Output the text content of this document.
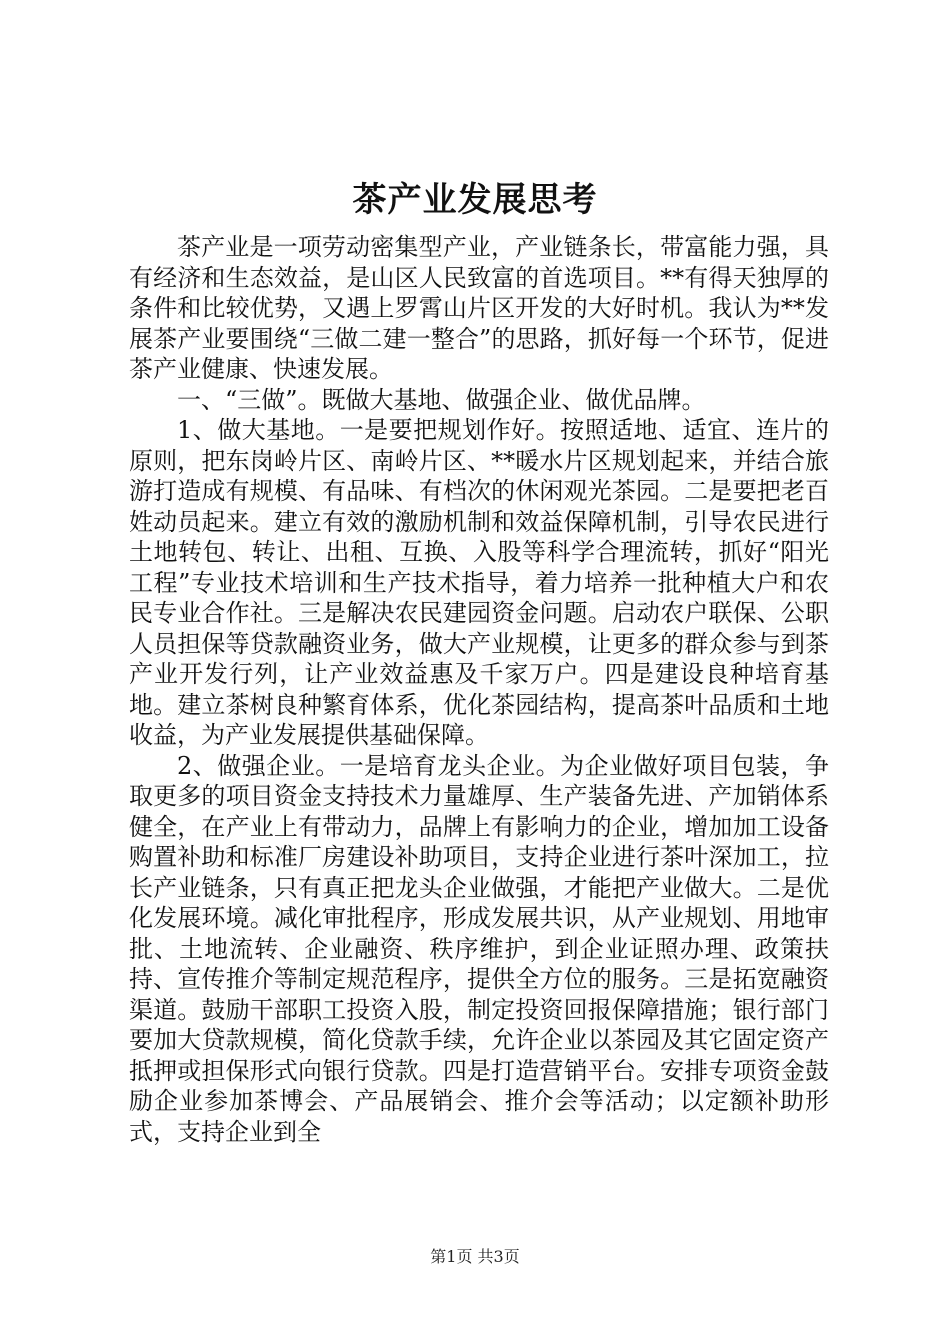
茶产业发展思考

茶产业是一项劳动密集型产业，产业链条长，带富能力强，具有经济和生态效益，是山区人民致富的首选项目。**有得天独厚的条件和比较优势，又遇上罗霄山片区开发的大好时机。我认为**发展茶产业要围绕“三做二建一整合”的思路，抓好每一个环节，促进茶产业健康、快速发展。

一、“三做”。既做大基地、做强企业、做优品牌。

1、做大基地。一是要把规划作好。按照适地、适宜、连片的原则，把东岗岭片区、南岭片区、**暖水片区规划起来，并结合旅游打造成有规模、有品味、有档次的休闲观光茶园。二是要把老百姓动员起来。建立有效的激励机制和效益保障机制，引导农民进行土地转包、转让、出租、互换、入股等科学合理流转，抓好“阳光工程”专业技术培训和生产技术指导，着力培养一批种植大户和农民专业合作社。三是解决农民建园资金问题。启动农户联保、公职人员担保等贷款融资业务，做大产业规模，让更多的群众参与到茶产业开发行列，让产业效益惠及千家万户。四是建设良种培育基地。建立茶树良种繁育体系，优化茶园结构，提高茶叶品质和土地收益，为产业发展提供基础保障。

2、做强企业。一是培育龙头企业。为企业做好项目包装，争取更多的项目资金支持技术力量雄厚、生产装备先进、产加销体系健全，在产业上有带动力，品牌上有影响力的企业，增加加工设备购置补助和标准厂房建设补助项目，支持企业进行茶叶深加工，拉长产业链条，只有真正把龙头企业做强，才能把产业做大。二是优化发展环境。减化审批程序，形成发展共识，从产业规划、用地审批、土地流转、企业融资、秩序维护，到企业证照办理、政策扶持、宣传推介等制定规范程序，提供全方位的服务。三是拓宽融资渠道。鼓励干部职工投资入股，制定投资回报保障措施；银行部门要加大贷款规模，简化贷款手续，允许企业以茶园及其它固定资产抵押或担保形式向银行贷款。四是打造营销平台。安排专项资金鼓励企业参加茶博会、产品展销会、推介会等活动；以定额补助形式，支持企业到全

第1页 共3页
